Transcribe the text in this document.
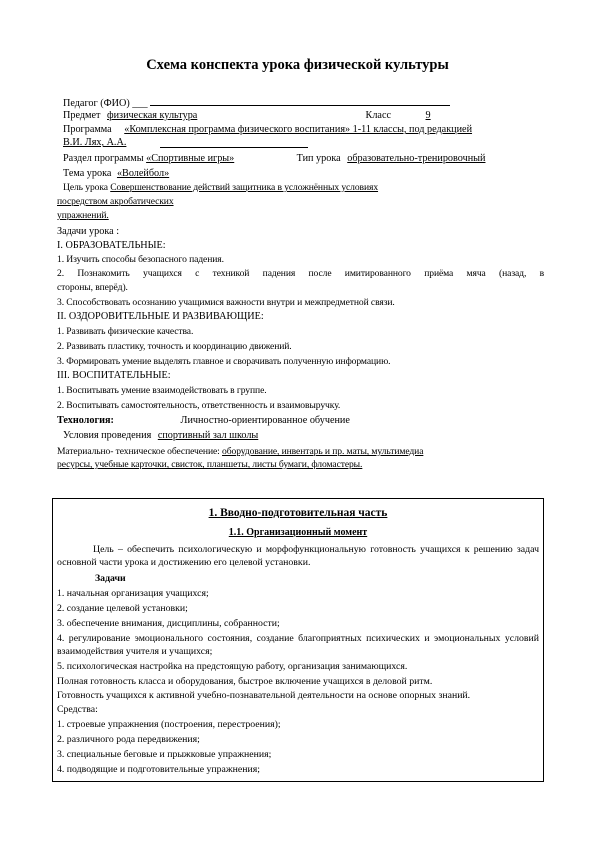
Схема конспекта урока физической культуры
Педагог (ФИО) ___
Предмет физическая культура	Класс	9
Программа «Комплексная программа физического воспитания» 1-11 классы, под редакцией
В.И. Лях, А.А.
Раздел программы «Спортивные игры»	Тип урока образовательно-тренировочный
Тема урока «Волейбол»
Цель урока Совершенствование действий защитника в усложнённых условиях
посредством акробатических
упражнений.
Задачи урока :
I. ОБРАЗОВАТЕЛЬНЫЕ:
1. Изучить способы безопасного падения.
2. Познакомить учащихся с техникой падения после имитированного приёма мяча (назад, в
стороны, вперёд).
3. Способствовать осознанию учащимися важности внутри и межпредметной связи.
II. ОЗДОРОВИТЕЛЬНЫЕ И РАЗВИВАЮЩИЕ:
1. Развивать физические качества.
2. Развивать пластику, точность и координацию движений.
3. Формировать умение выделять главное и сворачивать полученную информацию.
III. ВОСПИТАТЕЛЬНЫЕ:
1. Воспитывать умение взаимодействовать в группе.
2. Воспитывать самостоятельность, ответственность и взаимовыручку.
Технология:	Личностно-ориентированное обучение
Условия проведения спортивный зал школы
Материально- техническое обеспечение: оборудование, инвентарь и пр. маты, мультимедиа
ресурсы, учебные карточки, свисток, планшеты, листы бумаги, фломастеры.
1. Вводно-подготовительная часть
1.1. Организационный момент
Цель – обеспечить психологическую и морфофункциональную готовность учащихся к решению задач основной части урока и достижению его целевой установки.
Задачи
1. начальная организация учащихся;
2. создание целевой установки;
3. обеспечение внимания, дисциплины, собранности;
4. регулирование эмоционального состояния, создание благоприятных психических и эмоциональных условий взаимодействия учителя и учащихся;
5. психологическая настройка на предстоящую работу, организация занимающихся.
Полная готовность класса и оборудования, быстрое включение учащихся в деловой ритм.
Готовность учащихся к активной учебно-познавательной деятельности на основе опорных знаний.
Средства:
1. строевые упражнения (построения, перестроения);
2. различного рода передвижения;
3. специальные беговые и прыжковые упражнения;
4. подводящие и подготовительные упражнения;
